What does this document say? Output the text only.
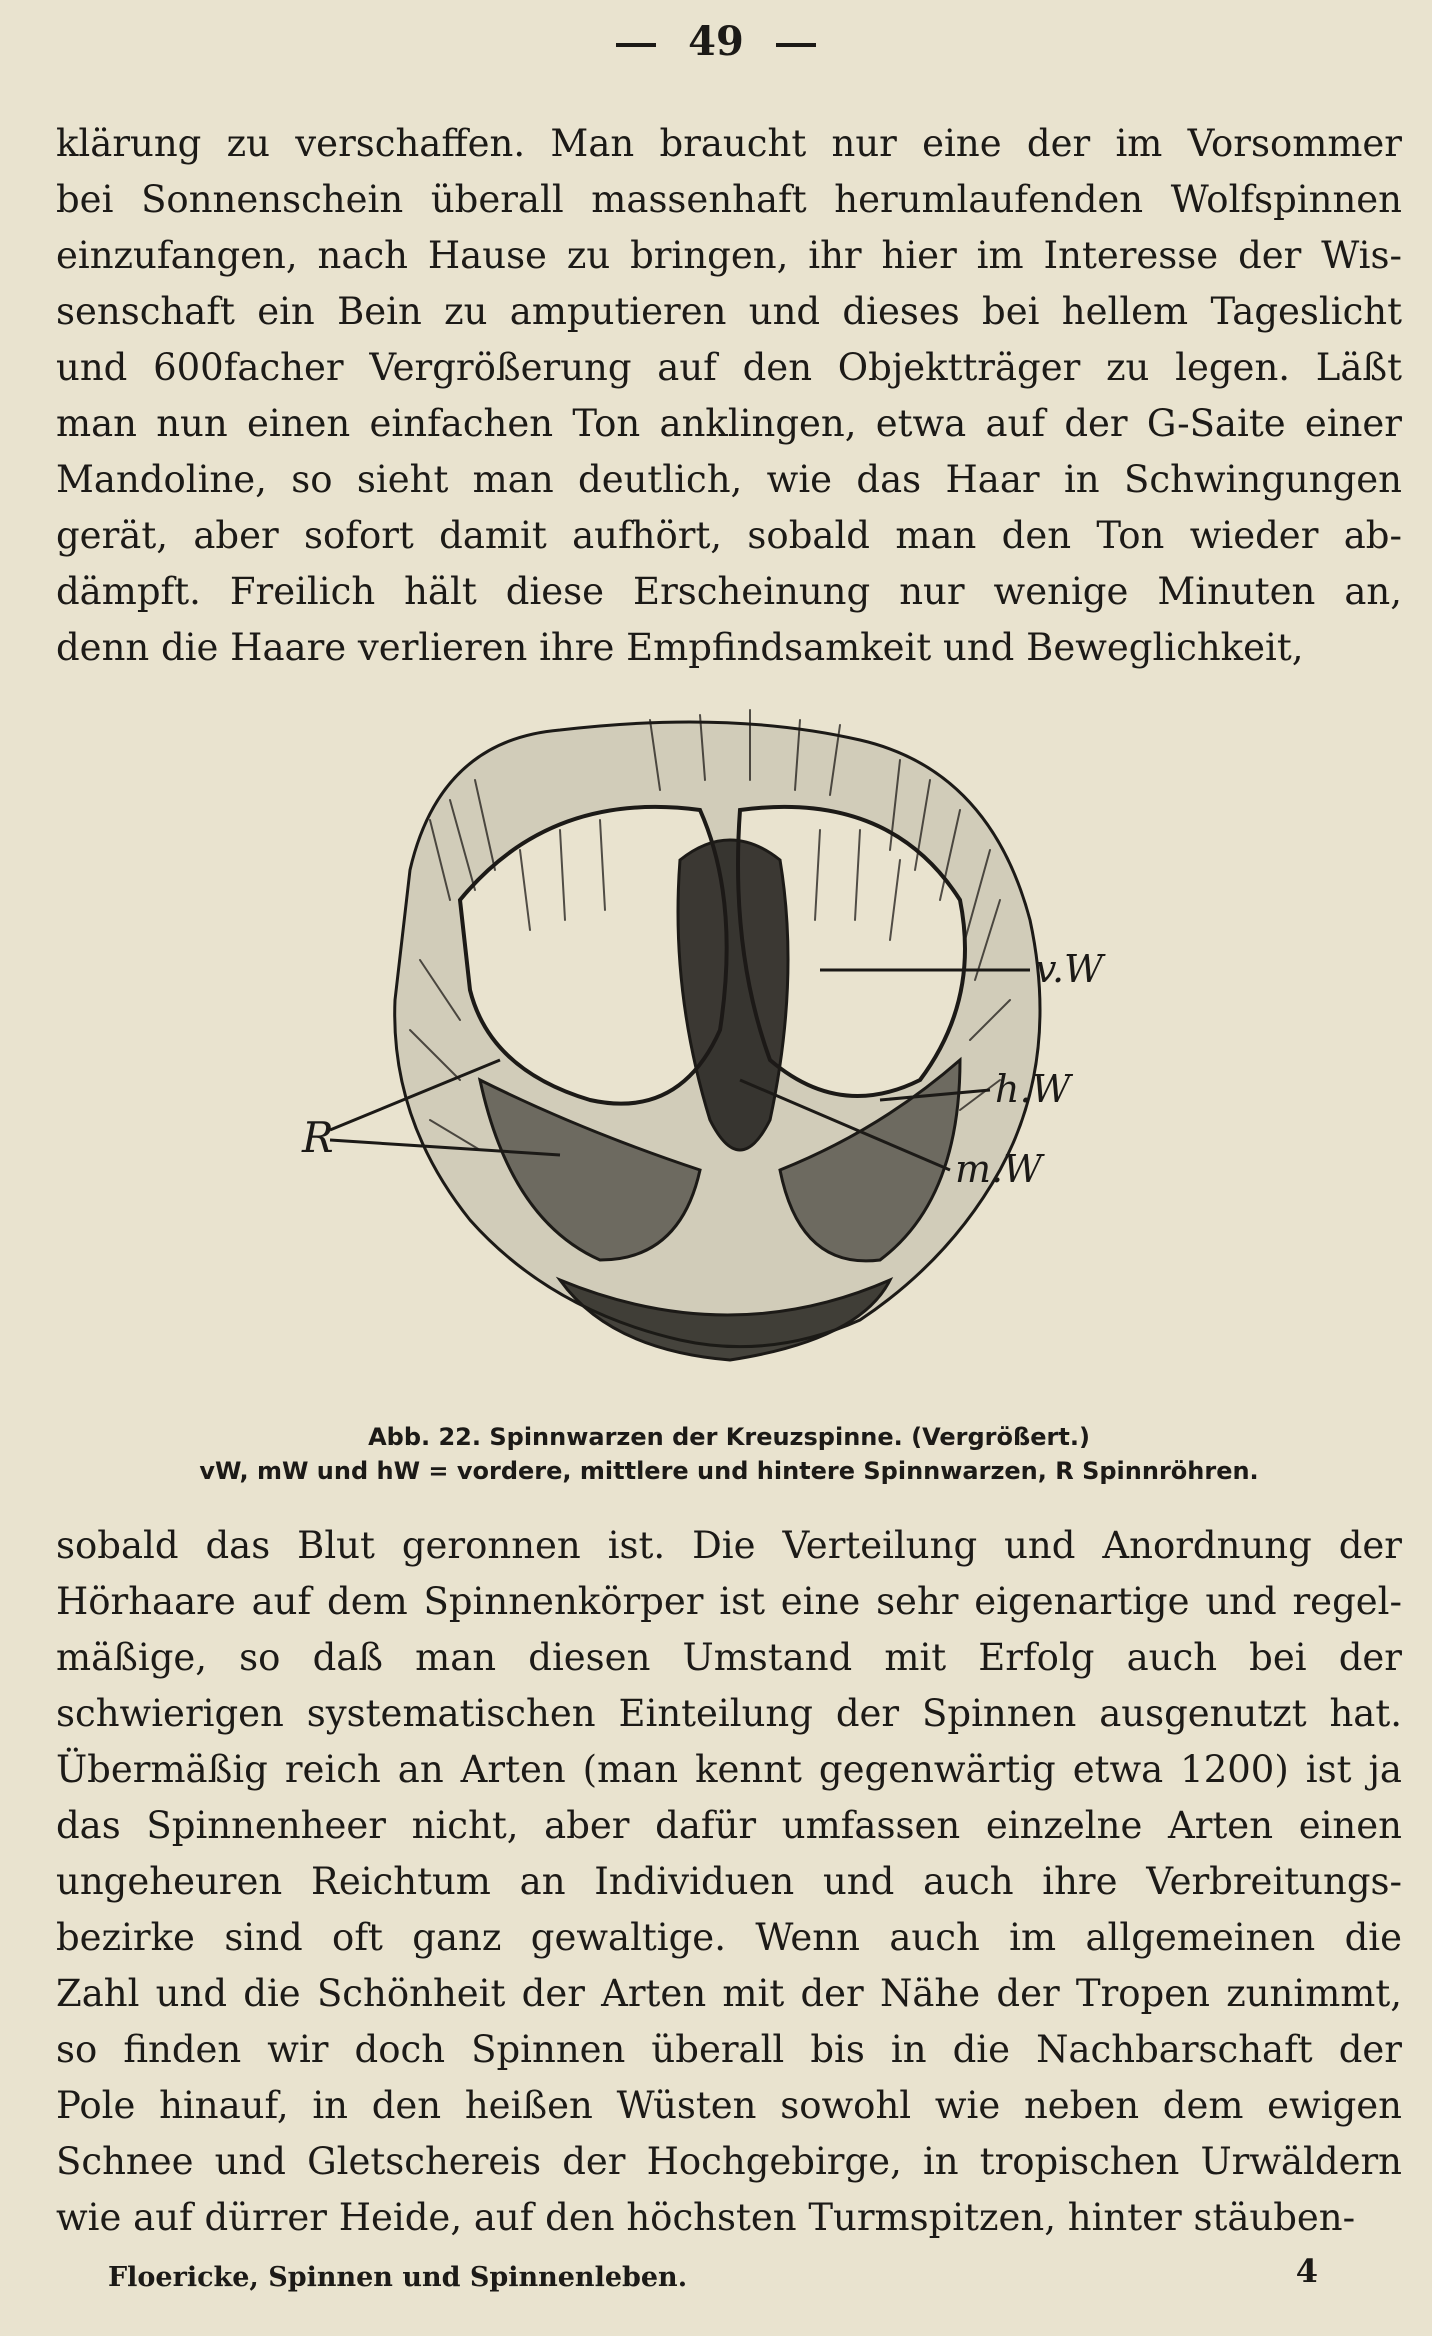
49
klärung zu verschaffen. Man braucht nur eine der im Vorsommer
bei Sonnenschein überall massenhaft herumlaufenden Wolfspinnen
einzufangen, nach Hause zu bringen, ihr hier im Interesse der Wis-
senschaft ein Bein zu amputieren und dieses bei hellem Tageslicht
und 600facher Vergrößerung auf den Objektträger zu legen. Läßt
man nun einen einfachen Ton anklingen, etwa auf der G-Saite einer
Mandoline, so sieht man deutlich, wie das Haar in Schwingungen
gerät, aber sofort damit aufhört, sobald man den Ton wieder ab-
dämpft. Freilich hält diese Erscheinung nur wenige Minuten an,
denn die Haare verlieren ihre Empfindsamkeit und Beweglichkeit,
v.W
h.W
m.W
R
Abb. 22. Spinnwarzen der Kreuzspinne. (Vergrößert.)
vW, mW und hW = vordere, mittlere und hintere Spinnwarzen, R Spinnröhren.
sobald das Blut geronnen ist. Die Verteilung und Anordnung der
Hörhaare auf dem Spinnenkörper ist eine sehr eigenartige und regel-
mäßige, so daß man diesen Umstand mit Erfolg auch bei der
schwierigen systematischen Einteilung der Spinnen ausgenutzt hat.
Übermäßig reich an Arten (man kennt gegenwärtig etwa 1200) ist ja
das Spinnenheer nicht, aber dafür umfassen einzelne Arten einen
ungeheuren Reichtum an Individuen und auch ihre Verbreitungs-
bezirke sind oft ganz gewaltige. Wenn auch im allgemeinen die
Zahl und die Schönheit der Arten mit der Nähe der Tropen zunimmt,
so finden wir doch Spinnen überall bis in die Nachbarschaft der
Pole hinauf, in den heißen Wüsten sowohl wie neben dem ewigen
Schnee und Gletschereis der Hochgebirge, in tropischen Urwäldern
wie auf dürrer Heide, auf den höchsten Turmspitzen, hinter stäuben-
Floericke, Spinnen und Spinnenleben.	4
